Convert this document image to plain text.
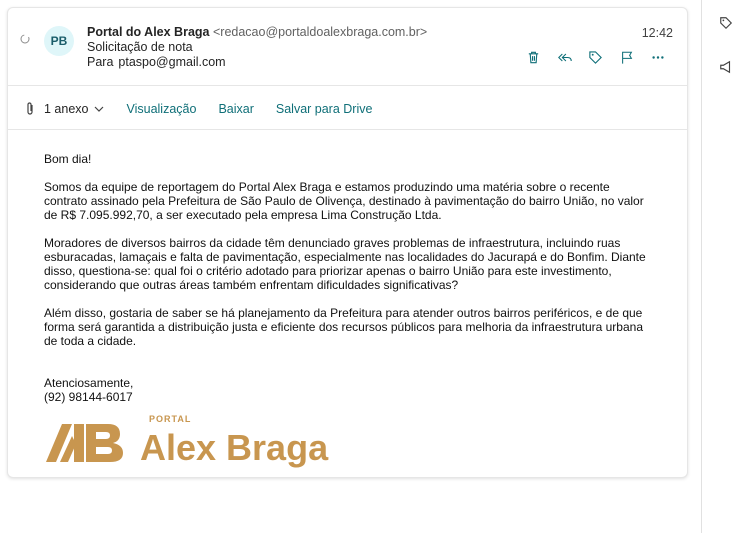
PB
Portal do Alex Braga <redacao@portaldoalexbraga.com.br>
Solicitação de nota
Para ptaspo@gmail.com
12:42
1 anexo	Visualização Baixar Salvar para Drive

Bom dia!

Somos da equipe de reportagem do Portal Alex Braga e estamos produzindo uma matéria sobre o recente contrato assinado pela Prefeitura de São Paulo de Olivença, destinado à pavimentação do bairro União, no valor de R$ 7.095.992,70, a ser executado pela empresa Lima Construção Ltda.

Moradores de diversos bairros da cidade têm denunciado graves problemas de infraestrutura, incluindo ruas esburacadas, lamaçais e falta de pavimentação, especialmente nas localidades do Jacurapá e do Bonfim. Diante disso, questiona-se: qual foi o critério adotado para priorizar apenas o bairro União para este investimento, considerando que outras áreas também enfrentam dificuldades significativas?

Além disso, gostaria de saber se há planejamento da Prefeitura para atender outros bairros periféricos, e de que forma será garantida a distribuição justa e eficiente dos recursos públicos para melhoria da infraestrutura urbana de toda a cidade.

Atenciosamente,
(92) 98144-6017
PORTAL
Alex Braga
